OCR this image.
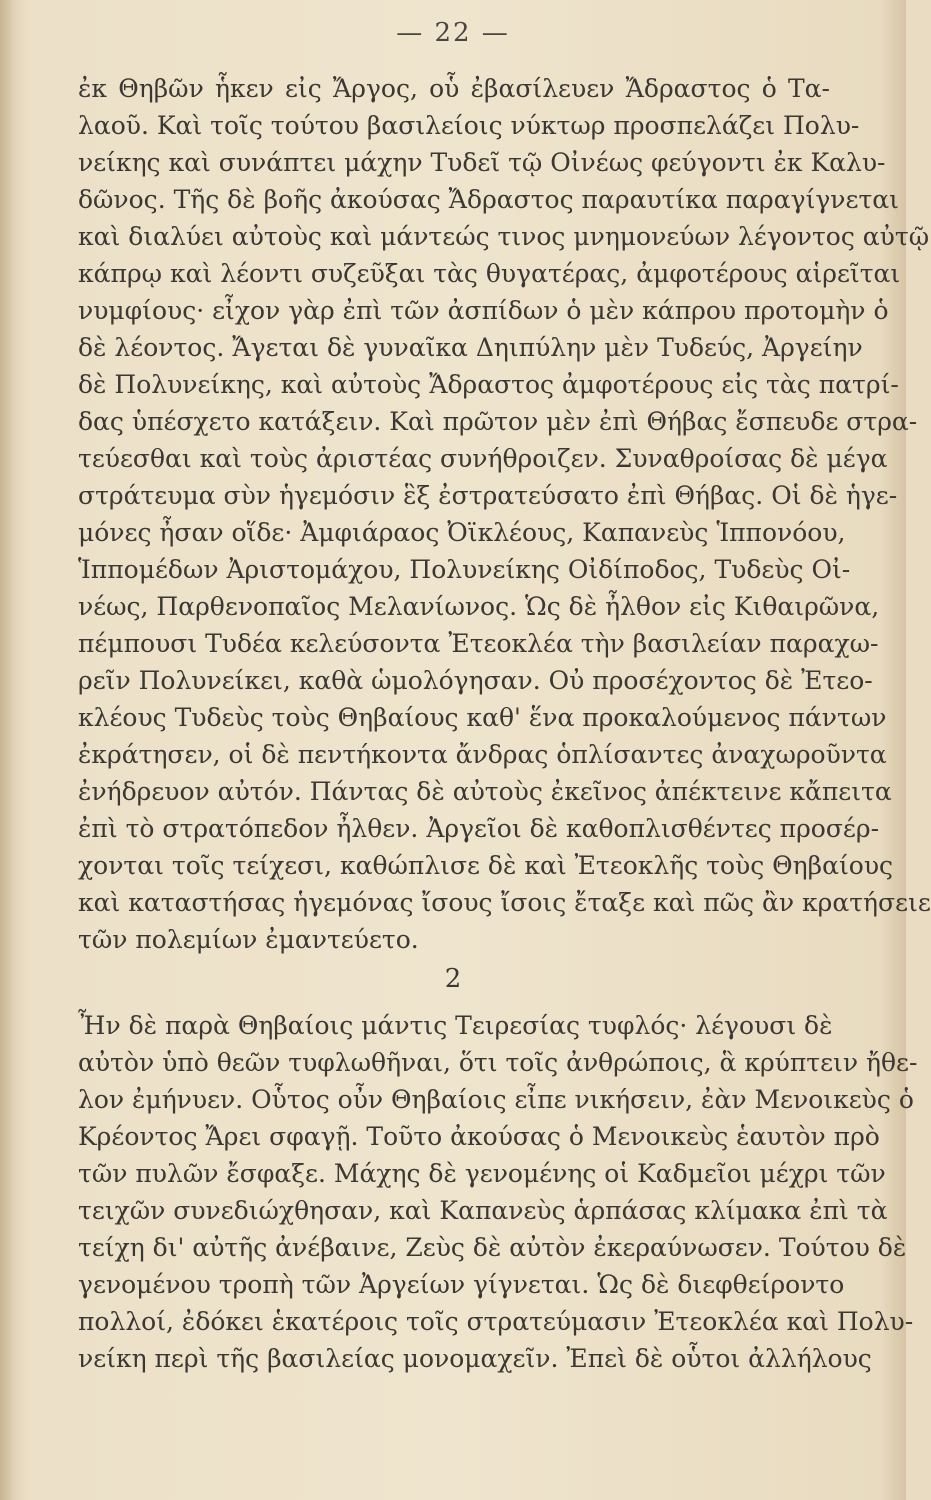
— 22 —
ἐκ Θηβῶν ἧκεν εἰς Ἄργος, οὗ ἐβασίλευεν Ἄδραστος ὁ Τα-
λαοῦ. Καὶ τοῖς τούτου βασιλείοις νύκτωρ προσπελάζει Πολυ-
νείκης καὶ συνάπτει μάχην Τυδεῖ τῷ Οἰνέως φεύγοντι ἐκ Καλυ-
δῶνος. Τῆς δὲ βοῆς ἀκούσας Ἄδραστος παραυτίκα παραγίγνεται
καὶ διαλύει αὐτοὺς καὶ μάντεώς τινος μνημονεύων λέγοντος αὐτῷ
κάπρῳ καὶ λέοντι συζεῦξαι τὰς θυγατέρας, ἀμφοτέρους αἱρεῖται
νυμφίους· εἶχον γὰρ ἐπὶ τῶν ἀσπίδων ὁ μὲν κάπρου προτομὴν ὁ
δὲ λέοντος. Ἄγεται δὲ γυναῖκα Δηιπύλην μὲν Τυδεύς, Ἀργείην
δὲ Πολυνείκης, καὶ αὐτοὺς Ἄδραστος ἀμφοτέρους εἰς τὰς πατρί-
δας ὑπέσχετο κατάξειν. Καὶ πρῶτον μὲν ἐπὶ Θήβας ἔσπευδε στρα-
τεύεσθαι καὶ τοὺς ἀριστέας συνήθροιζεν. Συναθροίσας δὲ μέγα
στράτευμα σὺν ἡγεμόσιν ἓξ ἐστρατεύσατο ἐπὶ Θήβας. Οἱ δὲ ἡγε-
μόνες ἦσαν οἵδε· Ἀμφιάραος Ὀϊκλέους, Καπανεὺς Ἱππονόου,
Ἱππομέδων Ἀριστομάχου, Πολυνείκης Οἰδίποδος, Τυδεὺς Οἰ-
νέως, Παρθενοπαῖος Μελανίωνος. Ὡς δὲ ἦλθον εἰς Κιθαιρῶνα,
πέμπουσι Τυδέα κελεύσοντα Ἐτεοκλέα τὴν βασιλείαν παραχω-
ρεῖν Πολυνείκει, καθὰ ὡμολόγησαν. Οὐ προσέχοντος δὲ Ἐτεο-
κλέους Τυδεὺς τοὺς Θηβαίους καθ' ἕνα προκαλούμενος πάντων
ἐκράτησεν, οἱ δὲ πεντήκοντα ἄνδρας ὁπλίσαντες ἀναχωροῦντα
ἐνήδρευον αὐτόν. Πάντας δὲ αὐτοὺς ἐκεῖνος ἀπέκτεινε κἄπειτα
ἐπὶ τὸ στρατόπεδον ἦλθεν. Ἀργεῖοι δὲ καθοπλισθέντες προσέρ-
χονται τοῖς τείχεσι, καθώπλισε δὲ καὶ Ἐτεοκλῆς τοὺς Θηβαίους
καὶ καταστήσας ἡγεμόνας ἴσους ἴσοις ἔταξε καὶ πῶς ἂν κρατήσειε
τῶν πολεμίων ἐμαντεύετο.
2
Ἦν δὲ παρὰ Θηβαίοις μάντις Τειρεσίας τυφλός· λέγουσι δὲ
αὐτὸν ὑπὸ θεῶν τυφλωθῆναι, ὅτι τοῖς ἀνθρώποις, ἃ κρύπτειν ἤθε-
λον ἐμήνυεν. Οὗτος οὖν Θηβαίοις εἶπε νικήσειν, ἐὰν Μενοικεὺς ὁ
Κρέοντος Ἄρει σφαγῇ. Τοῦτο ἀκούσας ὁ Μενοικεὺς ἑαυτὸν πρὸ
τῶν πυλῶν ἔσφαξε. Μάχης δὲ γενομένης οἱ Καδμεῖοι μέχρι τῶν
τειχῶν συνεδιώχθησαν, καὶ Καπανεὺς ἁρπάσας κλίμακα ἐπὶ τὰ
τείχη δι' αὐτῆς ἀνέβαινε, Ζεὺς δὲ αὐτὸν ἐκεραύνωσεν. Τούτου δὲ
γενομένου τροπὴ τῶν Ἀργείων γίγνεται. Ὡς δὲ διεφθείροντο
πολλοί, ἐδόκει ἑκατέροις τοῖς στρατεύμασιν Ἐτεοκλέα καὶ Πολυ-
νείκη περὶ τῆς βασιλείας μονομαχεῖν. Ἐπεὶ δὲ οὗτοι ἀλλήλους
